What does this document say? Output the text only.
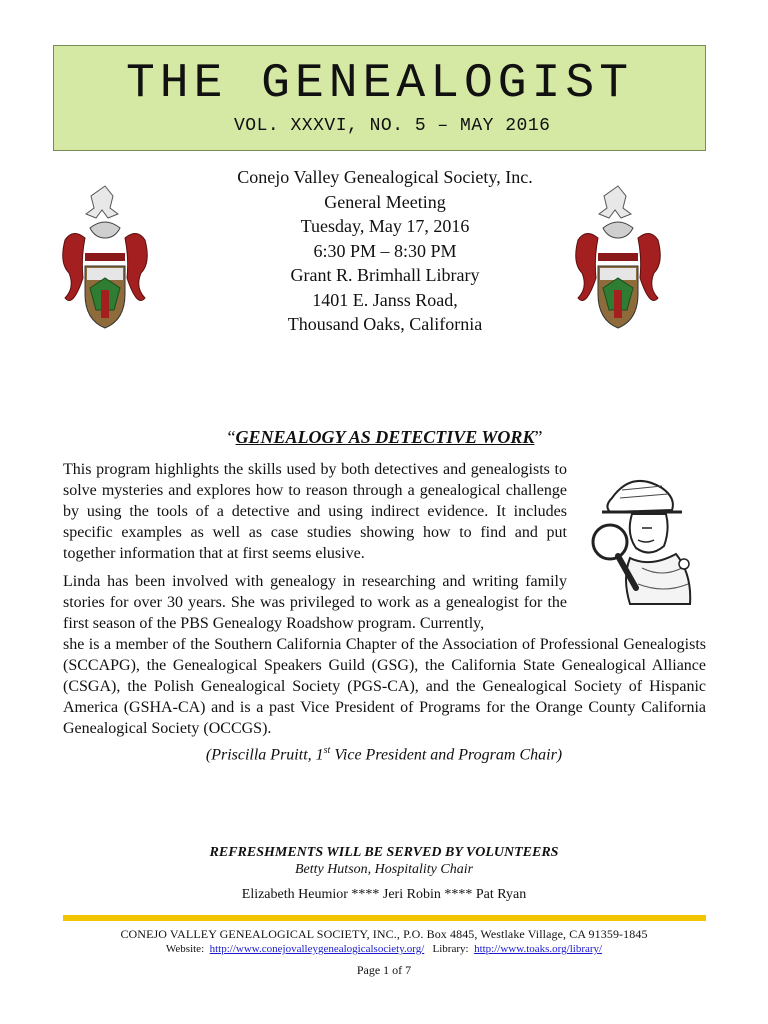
THE GENEALOGIST
VOL. XXXVI, NO. 5 – MAY 2016
Conejo Valley Genealogical Society, Inc.
General Meeting
Tuesday, May 17, 2016
6:30 PM – 8:30 PM
Grant R. Brimhall Library
1401 E. Janss Road,
Thousand Oaks, California
“GENEALOGY AS DETECTIVE WORK”

This program highlights the skills used by both detectives and genealogists to solve mysteries and explores how to reason through a genealogical challenge by using the tools of a detective and using indirect evidence. It includes specific examples as well as case studies showing how to find and put together information that at first seems elusive.

Linda has been involved with genealogy in researching and writing family stories for over 30 years. She was privileged to work as a genealogist for the first season of the PBS Genealogy Roadshow program. Currently,
she is a member of the Southern California Chapter of the Association of Professional Genealogists (SCCAPG), the Genealogical Speakers Guild (GSG), the California State Genealogical Alliance (CSGA), the Polish Genealogical Society (PGS-CA), and the Genealogical Society of Hispanic America (GSHA-CA) and is a past Vice President of Programs for the Orange County California Genealogical Society (OCCGS).

(Priscilla Pruitt, 1st Vice President and Program Chair)
REFRESHMENTS WILL BE SERVED BY VOLUNTEERS
Betty Hutson, Hospitality Chair
Elizabeth Heumior **** Jeri Robin **** Pat Ryan
CONEJO VALLEY GENEALOGICAL SOCIETY, INC., P.O. Box 4845, Westlake Village, CA 91359-1845
Website: http://www.conejovalleygenealogicalsociety.org/ Library: http://www.toaks.org/library/
Page 1 of 7
